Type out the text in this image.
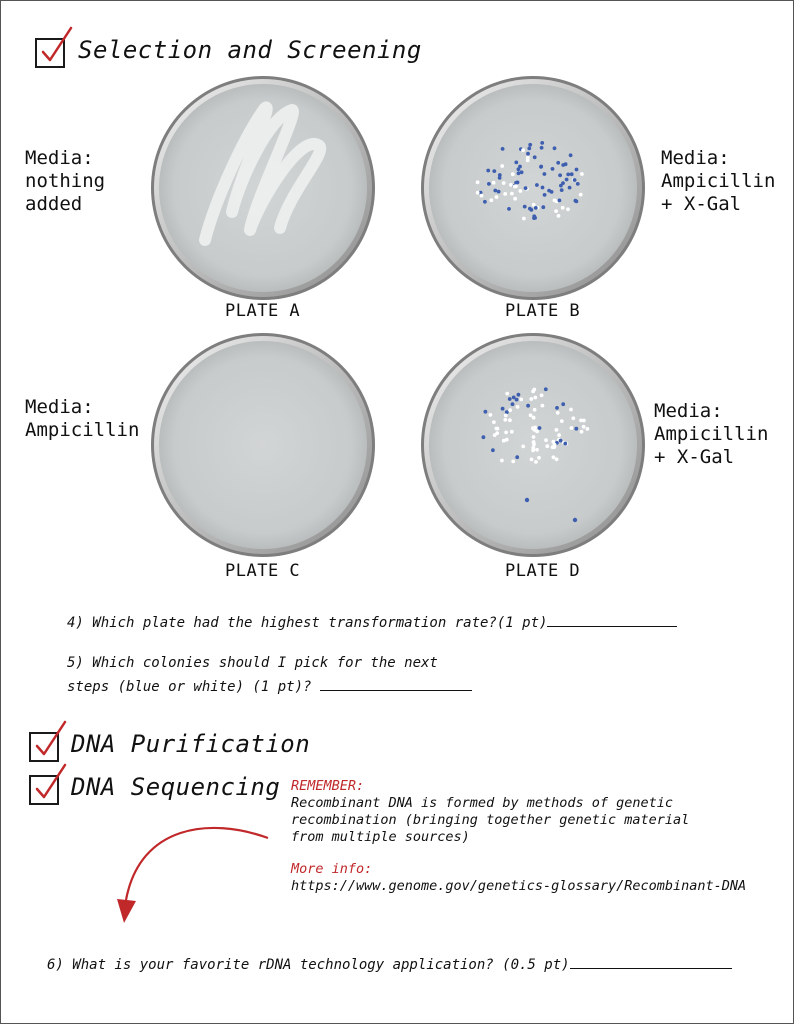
Selection and Screening
Media:
nothing
added
Media:
Ampicillin
+ X-Gal
Media:
Ampicillin
Media:
Ampicillin
+ X-Gal
PLATE A	PLATE B
PLATE C	PLATE D
4) Which plate had the highest transformation rate?(1 pt)
5) Which colonies should I pick for the next
steps (blue or white) (1 pt)?
DNA Purification
DNA Sequencing REMEMBER:
Recombinant DNA is formed by methods of genetic
recombination (bringing together genetic material
from multiple sources)
More info:
https://www.genome.gov/genetics-glossary/Recombinant-DNA
6) What is your favorite rDNA technology application? (0.5 pt)
